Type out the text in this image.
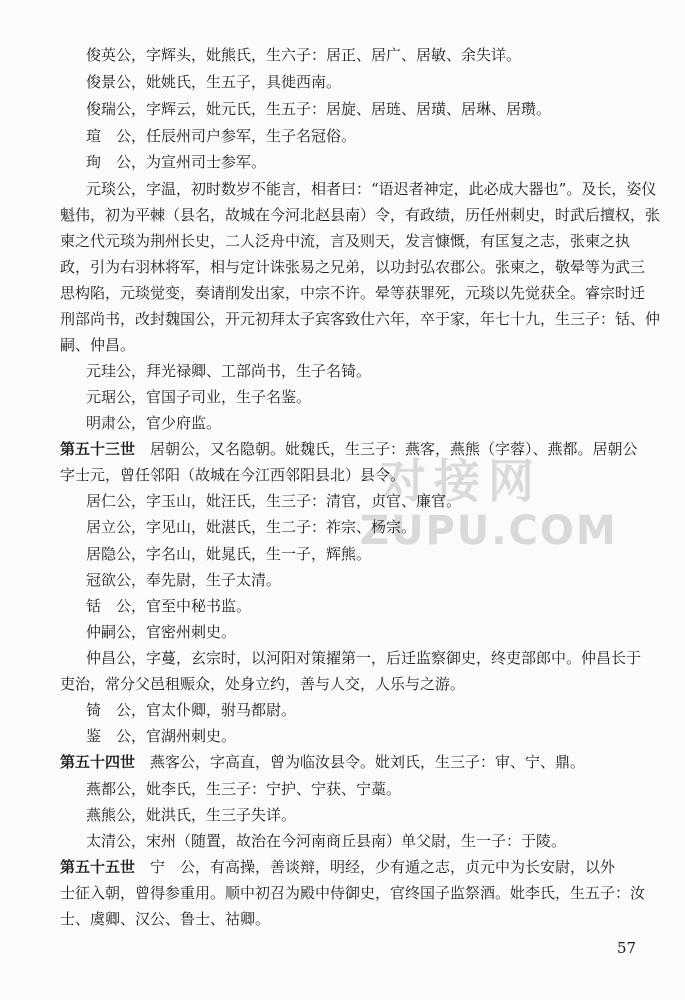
对接网
ZUPU.COM
俊英公，字辉头，妣熊氏，生六子：居正、居广、居敏、余失详。
俊景公，妣姚氏，生五子，具徙西南。
俊瑞公，字辉云，妣元氏，生五子：居旋、居琏、居璜、居琳、居瓒。
瑄　公，任辰州司户参军，生子名冠俗。
珣　公，为宣州司士参军。
元琰公，字温，初时数岁不能言，相者曰：“语迟者神定，此必成大器也”。及长，姿仪
魁伟，初为平棘（县名，故城在今河北赵县南）令，有政绩，历任州刺史，时武后擅权，张
柬之代元琰为荆州长史，二人泛舟中流，言及则天，发言慷慨，有匡复之志，张柬之执
政，引为右羽林将军，相与定计诛张易之兄弟，以功封弘农郡公。张柬之，敬晕等为武三
思构陷，元琰觉变，奏请削发出家，中宗不许。晕等获罪死，元琰以先觉获全。睿宗时迁
刑部尚书，改封魏国公，开元初拜太子宾客致仕六年，卒于家，年七十九，生三子：铦、仲
嗣、仲昌。
元珪公，拜光禄卿、工部尚书，生子名锜。
元琚公，官国子司业，生子名鉴。
明肃公，官少府监。
第五十三世　 居朝公，又名隐朝。妣魏氏，生三子：燕客，燕熊（字蓉）、燕都。居朝公
字士元，曾任邻阳（故城在今江西邻阳县北）县令。
居仁公，字玉山，妣汪氏，生三子：清官，贞官、廉官。
居立公，字见山，妣湛氏，生二子：祚宗、杨宗。
居隐公，字名山，妣晁氏，生一子，辉熊。
冠欲公，奉先尉，生子太清。
铦　公，官至中秘书监。
仲嗣公，官密州刺史。
仲昌公，字蔓，玄宗时，以河阳对策擢第一，后迁监察御史，终吏部郎中。仲昌长于
吏治，常分父邑租赈众，处身立约，善与人交，人乐与之游。
锜　公，官太仆卿，驸马都尉。
鉴　公，官湖州刺史。
第五十四世　 燕客公，字高直，曾为临汝县令。妣刘氏，生三子：审、宁、鼎。
燕都公，妣李氏，生三子：宁护、宁获、宁藁。
燕熊公，妣洪氏，生三子失详。
太清公，宋州（随置，故治在今河南商丘县南）单父尉，生一子：于陵。
第五十五世　 宁　公，有高操，善谈辩，明经，少有遁之志，贞元中为长安尉，以外
士征入朝，曾得参重用。顺中初召为殿中侍御史，官终国子监祭酒。妣李氏，生五子：汝
士、虞卿、汉公、鲁士、祜卿。
57
